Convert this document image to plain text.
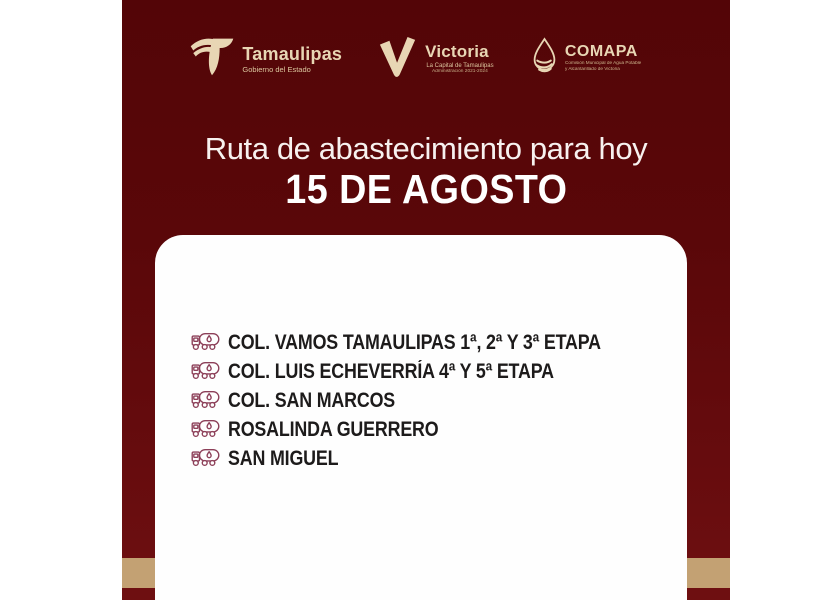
Tamaulipas
Gobierno del Estado
Victoria
La Capital de Tamaulipas
Administración 2021-2024
COMAPA
Comisión Municipal de Agua Potable
y Alcantarillado de Victoria
Ruta de abastecimiento para hoy
15 DE AGOSTO
COL. VAMOS TAMAULIPAS 1ª, 2ª Y 3ª ETAPA
COL. LUIS ECHEVERRÍA 4ª Y 5ª ETAPA
COL. SAN MARCOS
ROSALINDA GUERRERO
SAN MIGUEL
